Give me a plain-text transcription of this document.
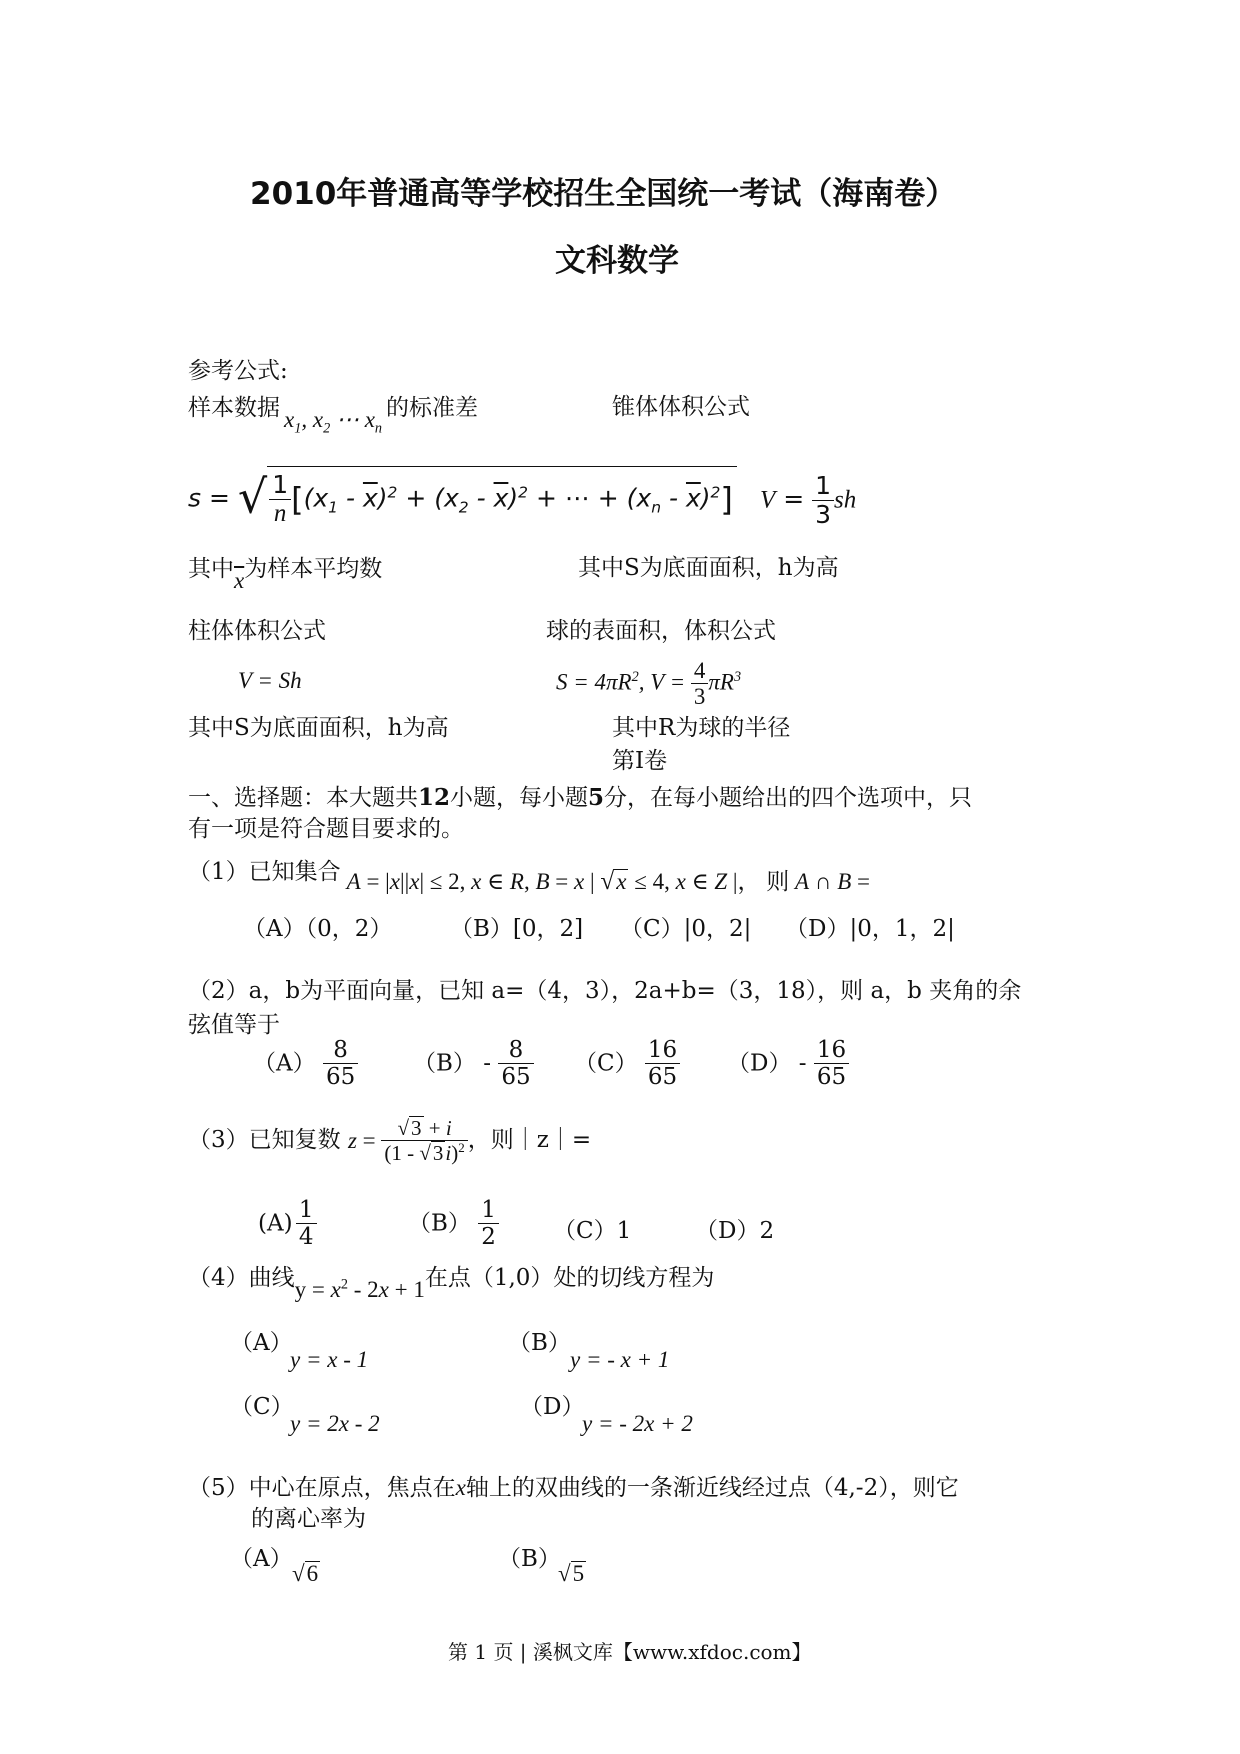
2010年普通高等学校招生全国统一考试（海南卷）
文科数学
参考公式:
样本数据 $x_1$, $x_2$ ⋯ $x_n$的标准差	锥体体积公式
s = √ $\frac{1}{n} [(x_1 - \overline{x})^2 + (x_2 - \overline{x})^2$ + ⋯ + $(x_n - \overline{x})^2$] $V = \frac{1}{3}$ sh
其中$\overline{x}$为样本平均数	其中S为底面面积，h为高
柱体体积公式	球的表面积，体积公式
V = Sh	$S = 4\pi R^2$, $V = \frac{4}{3} \pi R^3$
其中S为底面面积，h为高	其中R为球的半径
第Ⅰ卷
一、选择题：本大题共12小题，每小题5分，在每小题给出的四个选项中，只
有一项是符合题目要求的。
（1）已知集合 A = |x||x| ≤ 2, x ∈ R, B = x | √x ≤ 4, x ∈ Z |， 则 A ∩ B =
（A）（0，2）	（B）[0，2] （C）|0，2| （D）|0，1，2|
（2）a，b为平面向量，已知 a=（4，3），2a+b=（3，18），则 a，b 夹角的余
弦值等于
$(A) \frac{8}{65} (B)$
- $\frac{8}{65} (C) \frac{16}{65} (D)$
- $\frac{16}{65}$
（3）已知复数 $z = \frac{√3 + i}{(1 - √3i)^2}$ ，则｜z｜=
$(A) \frac{1}{4}$	$(B) \frac{1}{2} (C)1$	（D）2
（4）曲线
$y = x^2 - 2x + 1$在点（1,0）处的切线方程为
（A）
y = x - 1
（B）
y = - x + 1
（C）
y = 2x - 2
（D）
y = - 2x + 2
（5）中心在原点，焦点在x轴上的双曲线的一条渐近线经过点（4,-2），则它
的离心率为
（A）
√6
（B）
√5
第 1 页 | 溪枫文库【www.xfdoc.com】
